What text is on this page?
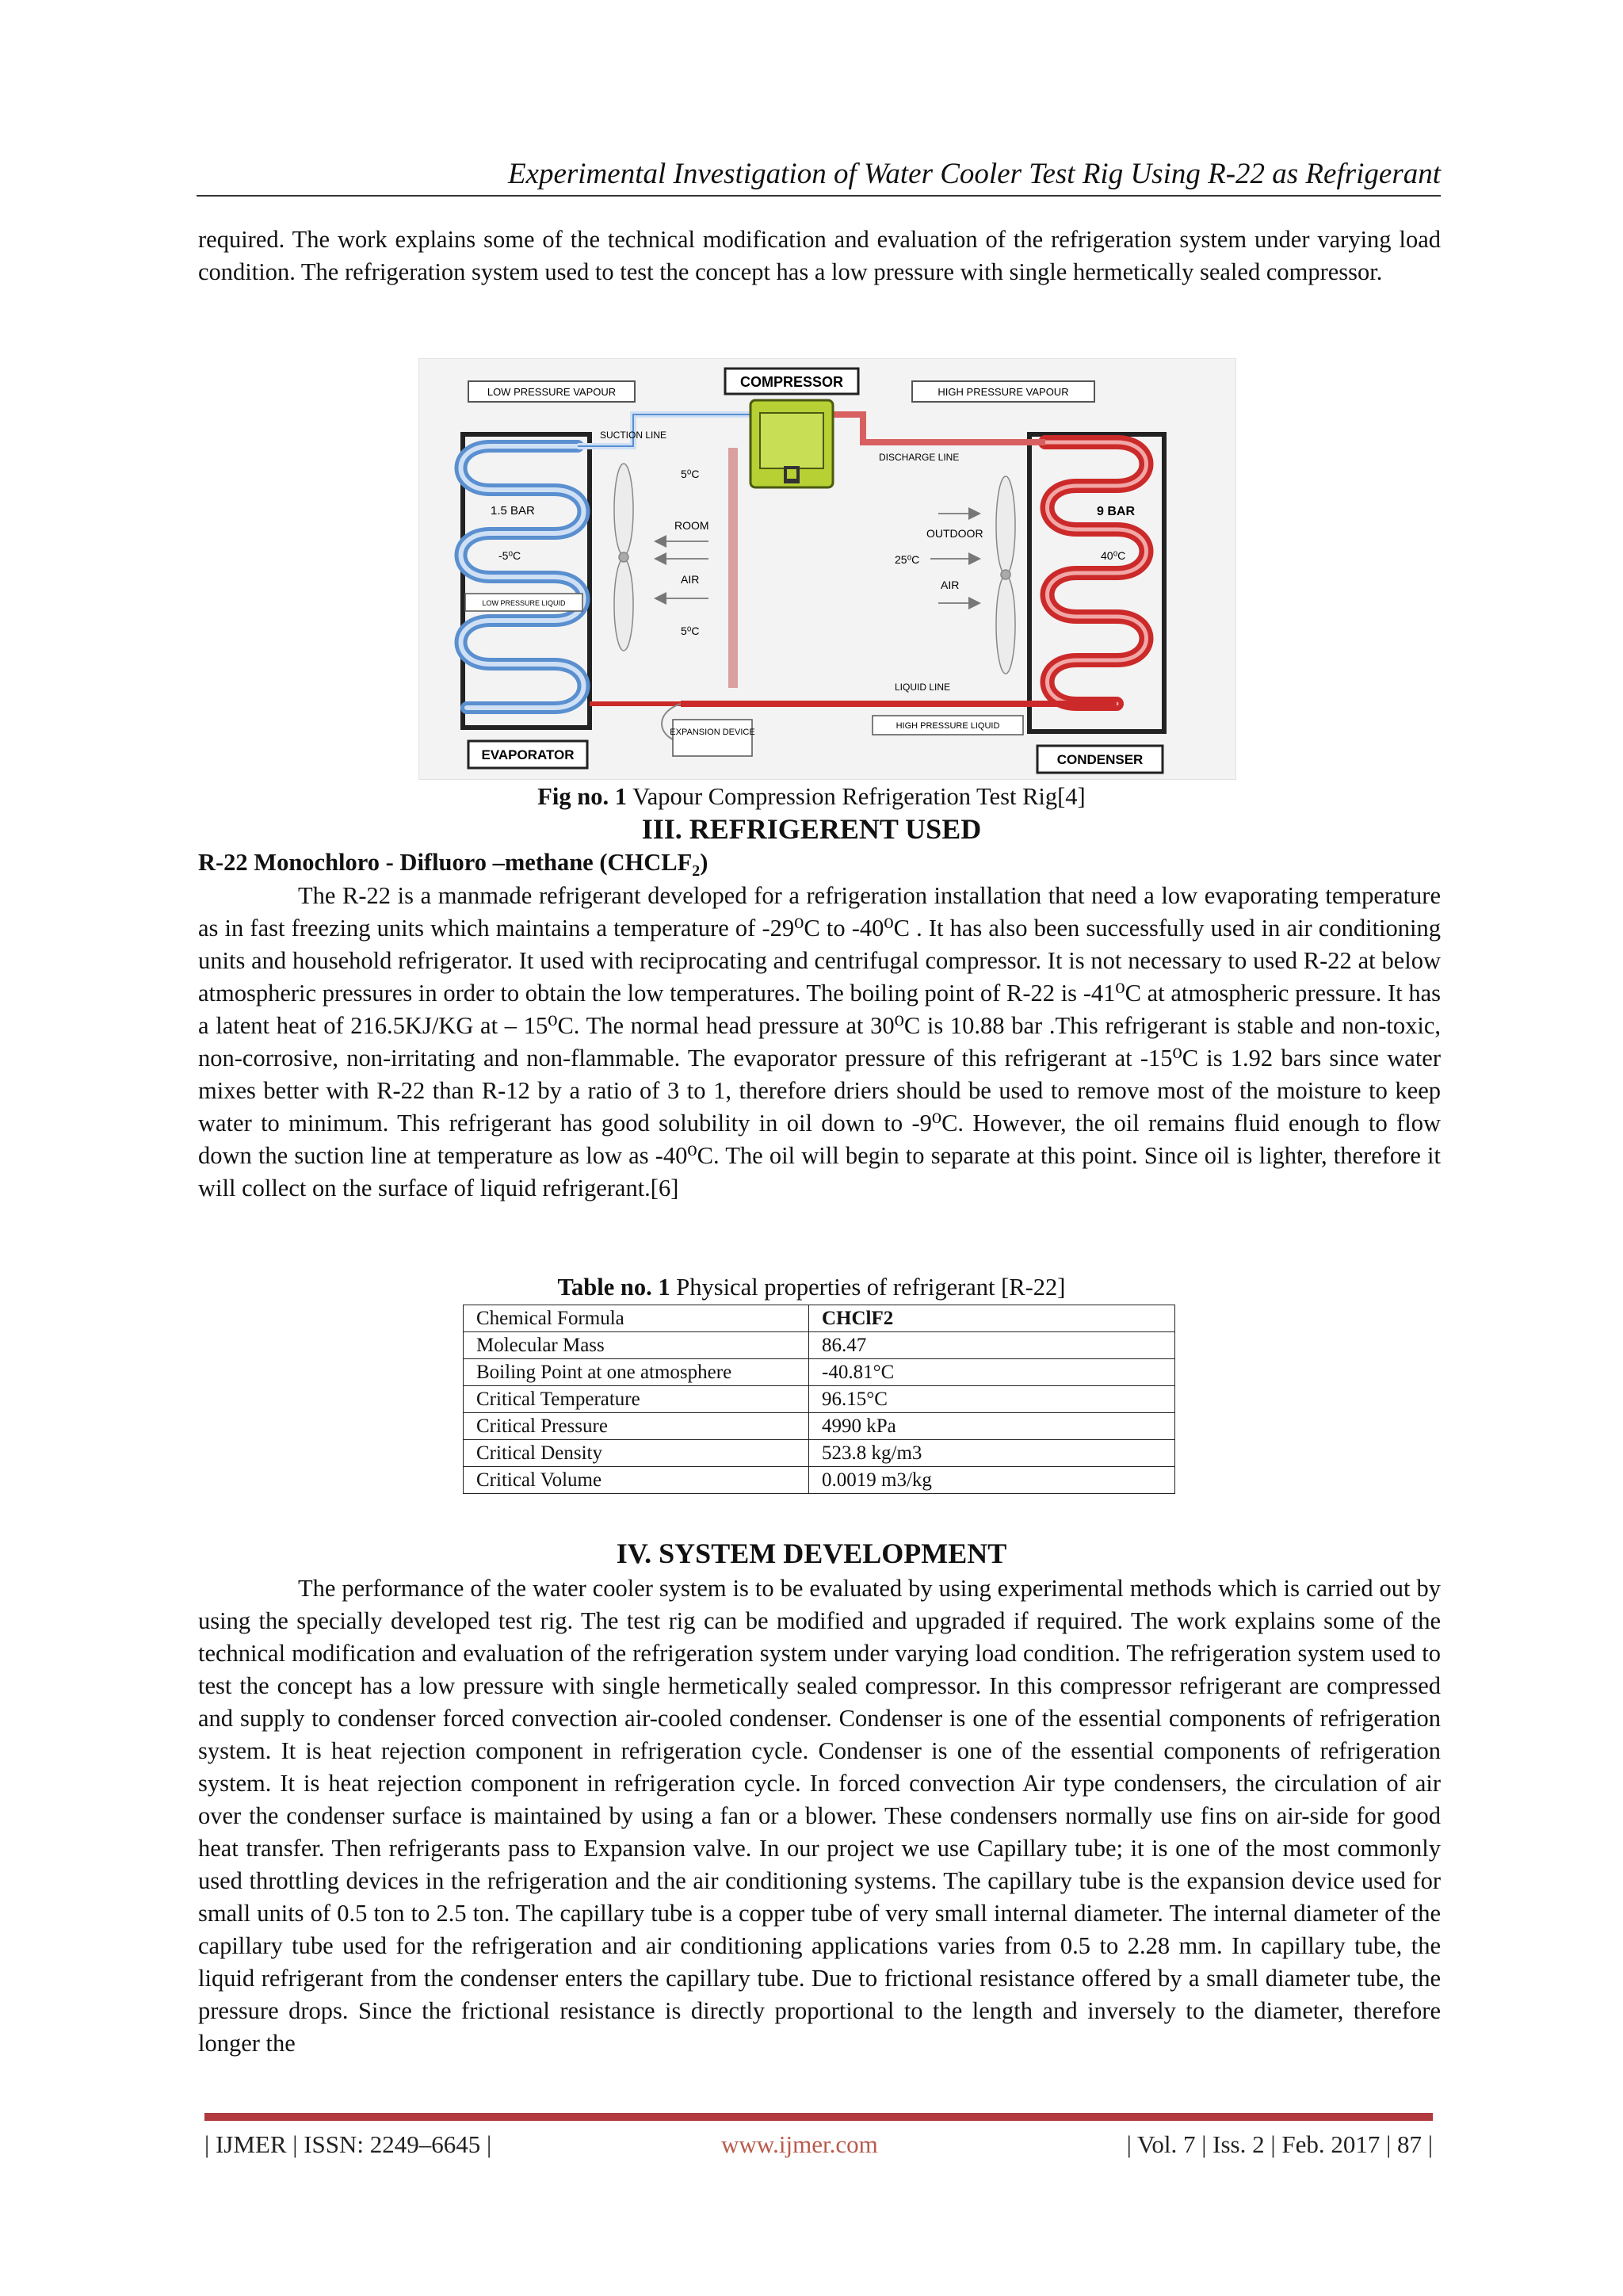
Experimental Investigation of Water Cooler Test Rig Using R-22 as Refrigerant

required. The work explains some of the technical modification and evaluation of the refrigeration system under varying load condition. The refrigeration system used to test the concept has a low pressure with single hermetically sealed compressor.

COMPRESSOR
LOW PRESSURE VAPOUR	HIGH PRESSURE VAPOUR
SUCTION LINE
DISCHARGE LINE
1.5 BAR
-5⁰C
LOW PRESSURE LIQUID
5⁰C
ROOM
AIR
5⁰C
OUTDOOR
25⁰C
AIR
9 BAR
40⁰C
LIQUID LINE
EXPANSION DEVICE
HIGH PRESSURE LIQUID
EVAPORATOR	CONDENSER
Fig no. 1 Vapour Compression Refrigeration Test Rig[4]
III. REFRIGERENT USED
R-22 Monochloro - Difluoro –methane $(CHCLF_2)$

The R-22 is a manmade refrigerant developed for a refrigeration installation that need a low evaporating temperature as in fast freezing units which maintains a temperature of -29⁰C to -40⁰C . It has also been successfully used in air conditioning units and household refrigerator. It used with reciprocating and centrifugal compressor. It is not necessary to used R-22 at below atmospheric pressures in order to obtain the low temperatures. The boiling point of R-22 is -41⁰C at atmospheric pressure. It has a latent heat of 216.5KJ/KG at – 15⁰C. The normal head pressure at 30⁰C is 10.88 bar .This refrigerant is stable and non-toxic, non-corrosive, non-irritating and non-flammable. The evaporator pressure of this refrigerant at -15⁰C is 1.92 bars since water mixes better with R-22 than R-12 by a ratio of 3 to 1, therefore driers should be used to remove most of the moisture to keep water to minimum. This refrigerant has good solubility in oil down to -9⁰C. However, the oil remains fluid enough to flow down the suction line at temperature as low as -40⁰C. The oil will begin to separate at this point. Since oil is lighter, therefore it will collect on the surface of liquid refrigerant.[6]

Table no. 1 Physical properties of refrigerant [R-22]
Chemical Formula	CHClF2
Molecular Mass	86.47
Boiling Point at one atmosphere	-40.81°C
Critical Temperature	96.15°C
Critical Pressure	4990 kPa
Critical Density	523.8 kg/m3
Critical Volume	0.0019 m3/kg
IV. SYSTEM DEVELOPMENT

The performance of the water cooler system is to be evaluated by using experimental methods which is carried out by using the specially developed test rig. The test rig can be modified and upgraded if required. The work explains some of the technical modification and evaluation of the refrigeration system under varying load condition. The refrigeration system used to test the concept has a low pressure with single hermetically sealed compressor. In this compressor refrigerant are compressed and supply to condenser forced convection air-cooled condenser. Condenser is one of the essential components of refrigeration system. It is heat rejection component in refrigeration cycle. Condenser is one of the essential components of refrigeration system. It is heat rejection component in refrigeration cycle. In forced convection Air type condensers, the circulation of air over the condenser surface is maintained by using a fan or a blower. These condensers normally use fins on air-side for good heat transfer. Then refrigerants pass to Expansion valve. In our project we use Capillary tube; it is one of the most commonly used throttling devices in the refrigeration and the air conditioning systems. The capillary tube is the expansion device used for small units of 0.5 ton to 2.5 ton. The capillary tube is a copper tube of very small internal diameter. The internal diameter of the capillary tube used for the refrigeration and air conditioning applications varies from 0.5 to 2.28 mm. In capillary tube, the liquid refrigerant from the condenser enters the capillary tube. Due to frictional resistance offered by a small diameter tube, the pressure drops. Since the frictional resistance is directly proportional to the length and inversely to the diameter, therefore longer the

| IJMER | ISSN: 2249–6645 |	www.ijmer.com	| Vol. 7 | Iss. 2 | Feb. 2017 | 87 |
